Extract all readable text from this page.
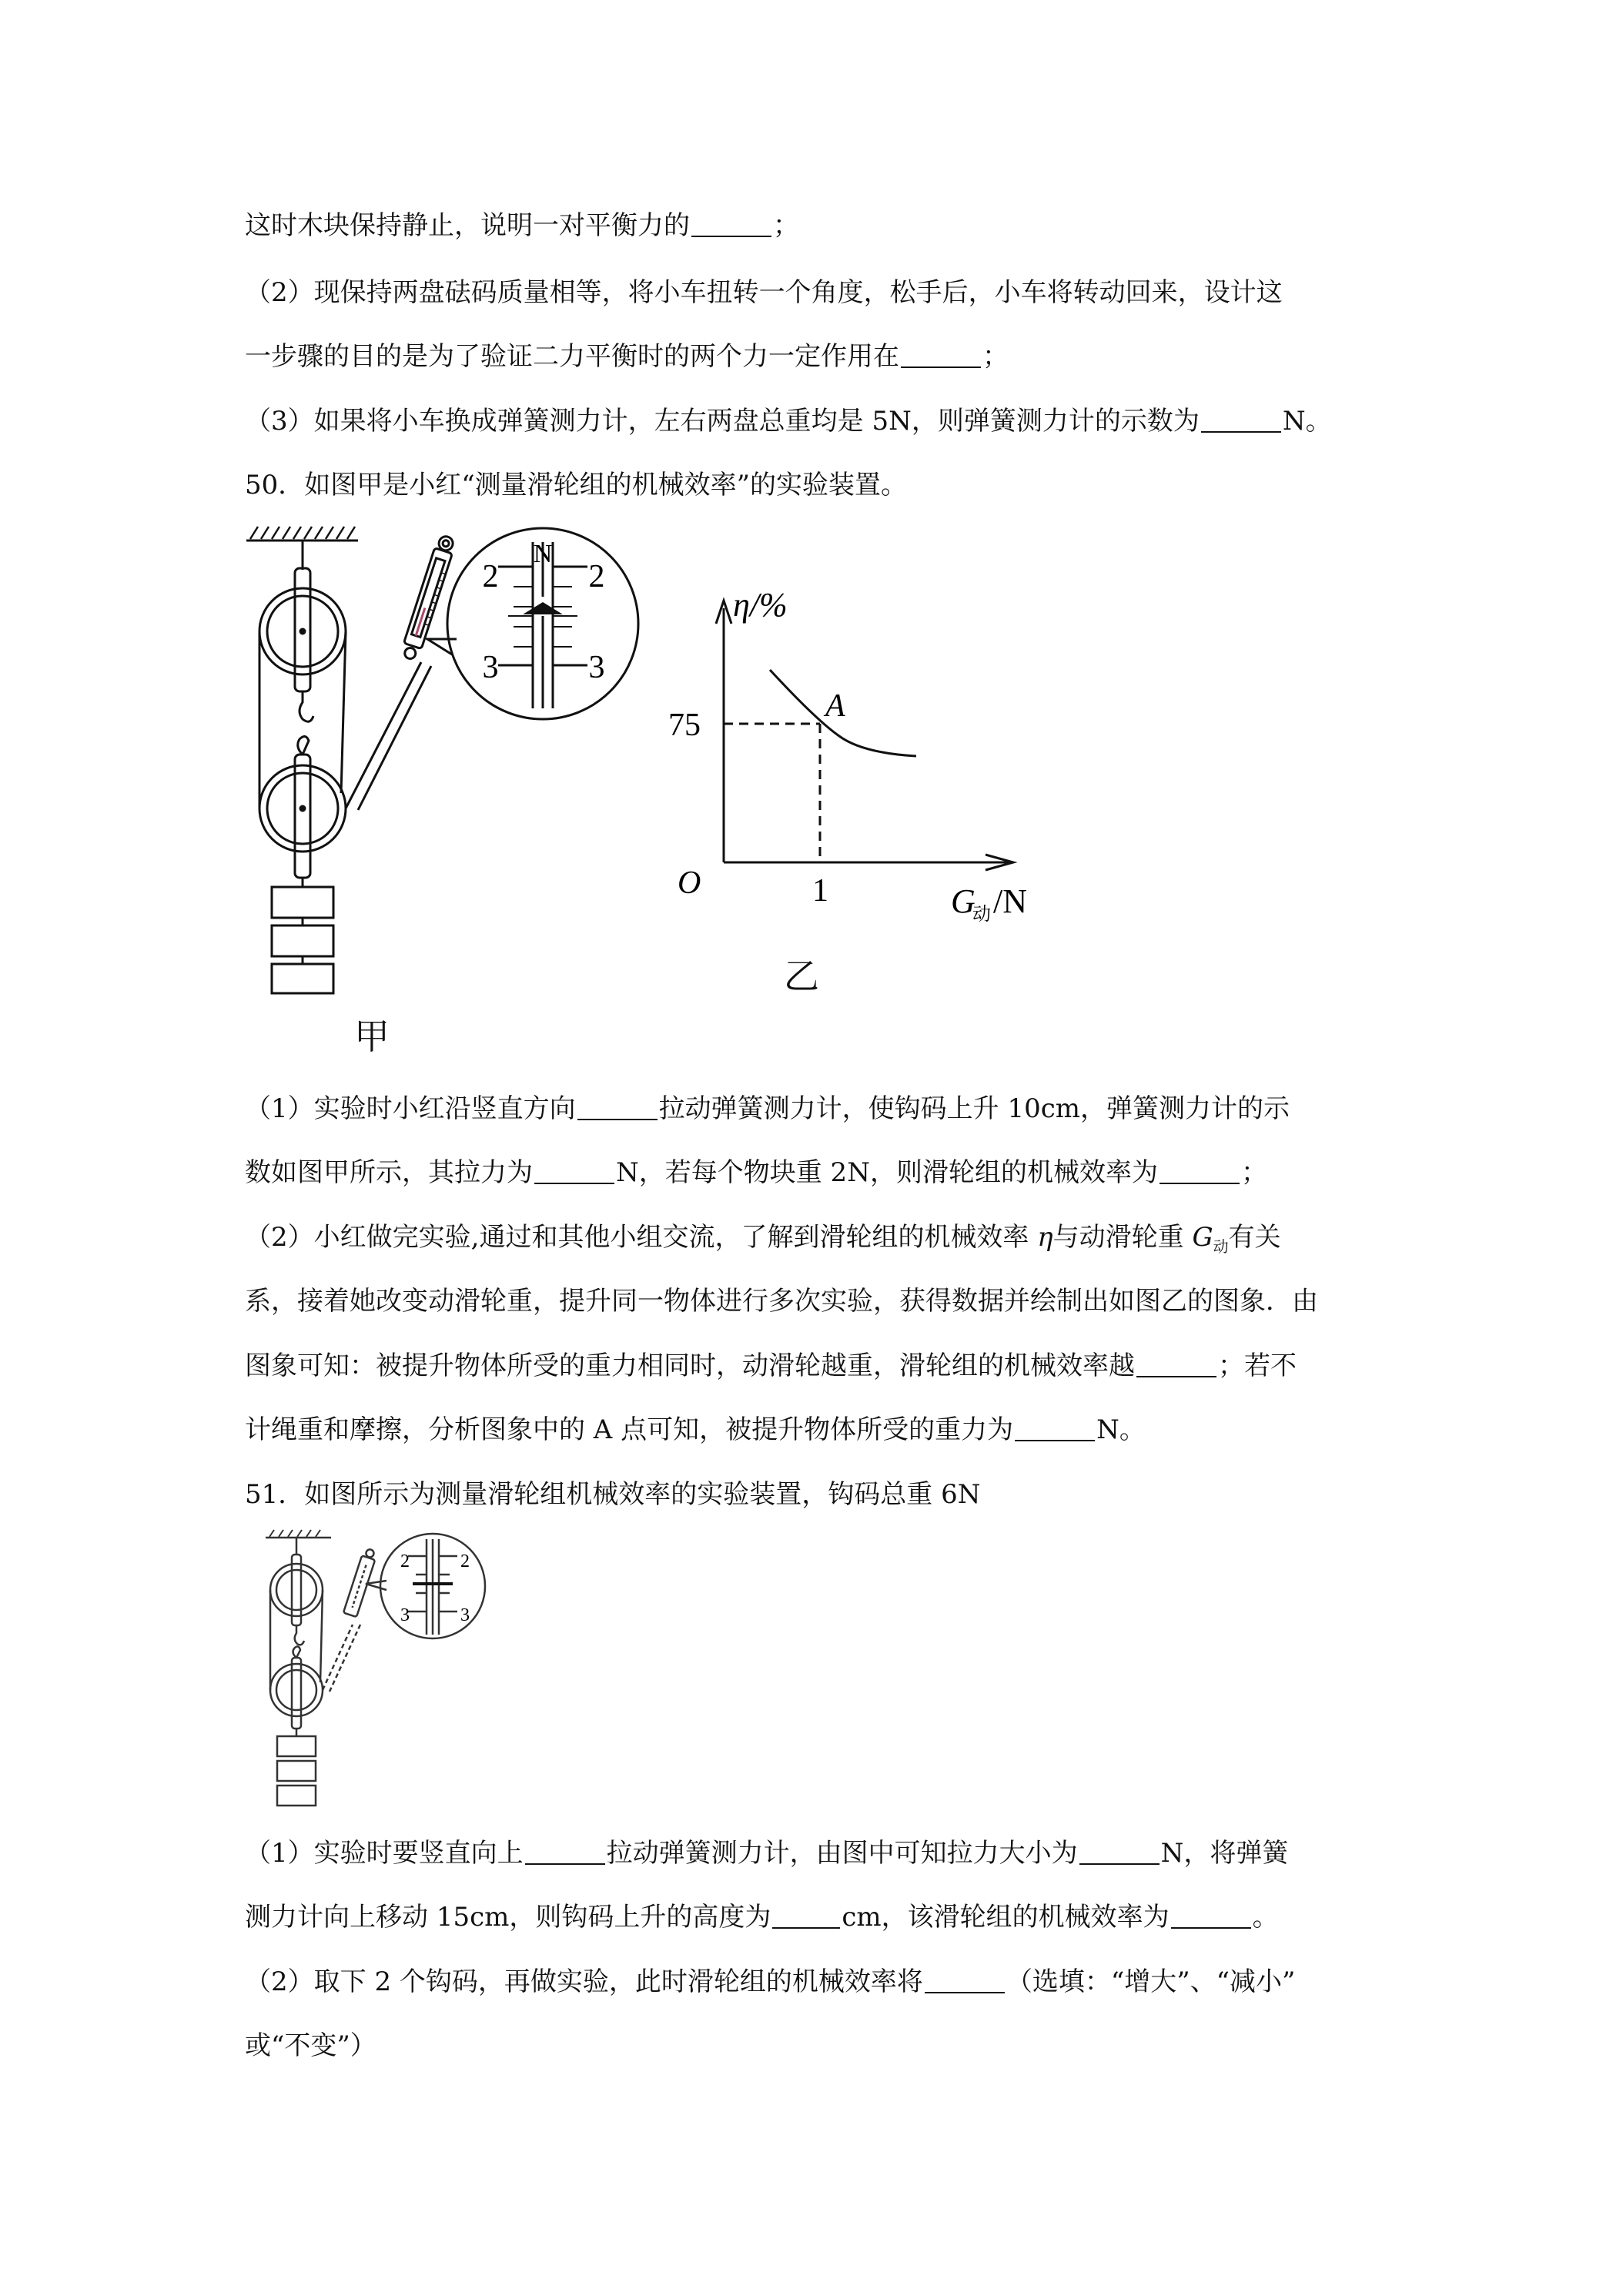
这时木块保持静止，说明一对平衡力的	；
（2）现保持两盘砝码质量相等，将小车扭转一个角度，松手后，小车将转动回来，设计这
一步骤的目的是为了验证二力平衡时的两个力一定作用在	；
（3）如果将小车换成弹簧测力计，左右两盘总重均是 5N，则弹簧测力计的示数为	N。
50．如图甲是小红“测量滑轮组的机械效率”的实验装置。
N
2	2
3	3
甲
η/%
75
O	1
A
G
动 /N
乙
（1）实验时小红沿竖直方向	拉动弹簧测力计，使钩码上升 10cm，弹簧测力计的示
数如图甲所示，其拉力为	N，若每个物块重 2N，则滑轮组的机械效率为	；
（2）小红做完实验,通过和其他小组交流，了解到滑轮组的机械效率 η与动滑轮重 $G_动$有关
系，接着她改变动滑轮重，提升同一物体进行多次实验，获得数据并绘制出如图乙的图象．由
图象可知：被提升物体所受的重力相同时，动滑轮越重，滑轮组的机械效率越	；若不
计绳重和摩擦，分析图象中的 A 点可知，被提升物体所受的重力为	N。
51．如图所示为测量滑轮组机械效率的实验装置，钩码总重 6N
2	2
3	3
（1）实验时要竖直向上	拉动弹簧测力计，由图中可知拉力大小为	N，将弹簧
测力计向上移动 15cm，则钩码上升的高度为	cm，该滑轮组的机械效率为	。
（2）取下 2 个钩码，再做实验，此时滑轮组的机械效率将	（选填：“增大”、“减小”
或“不变”）
